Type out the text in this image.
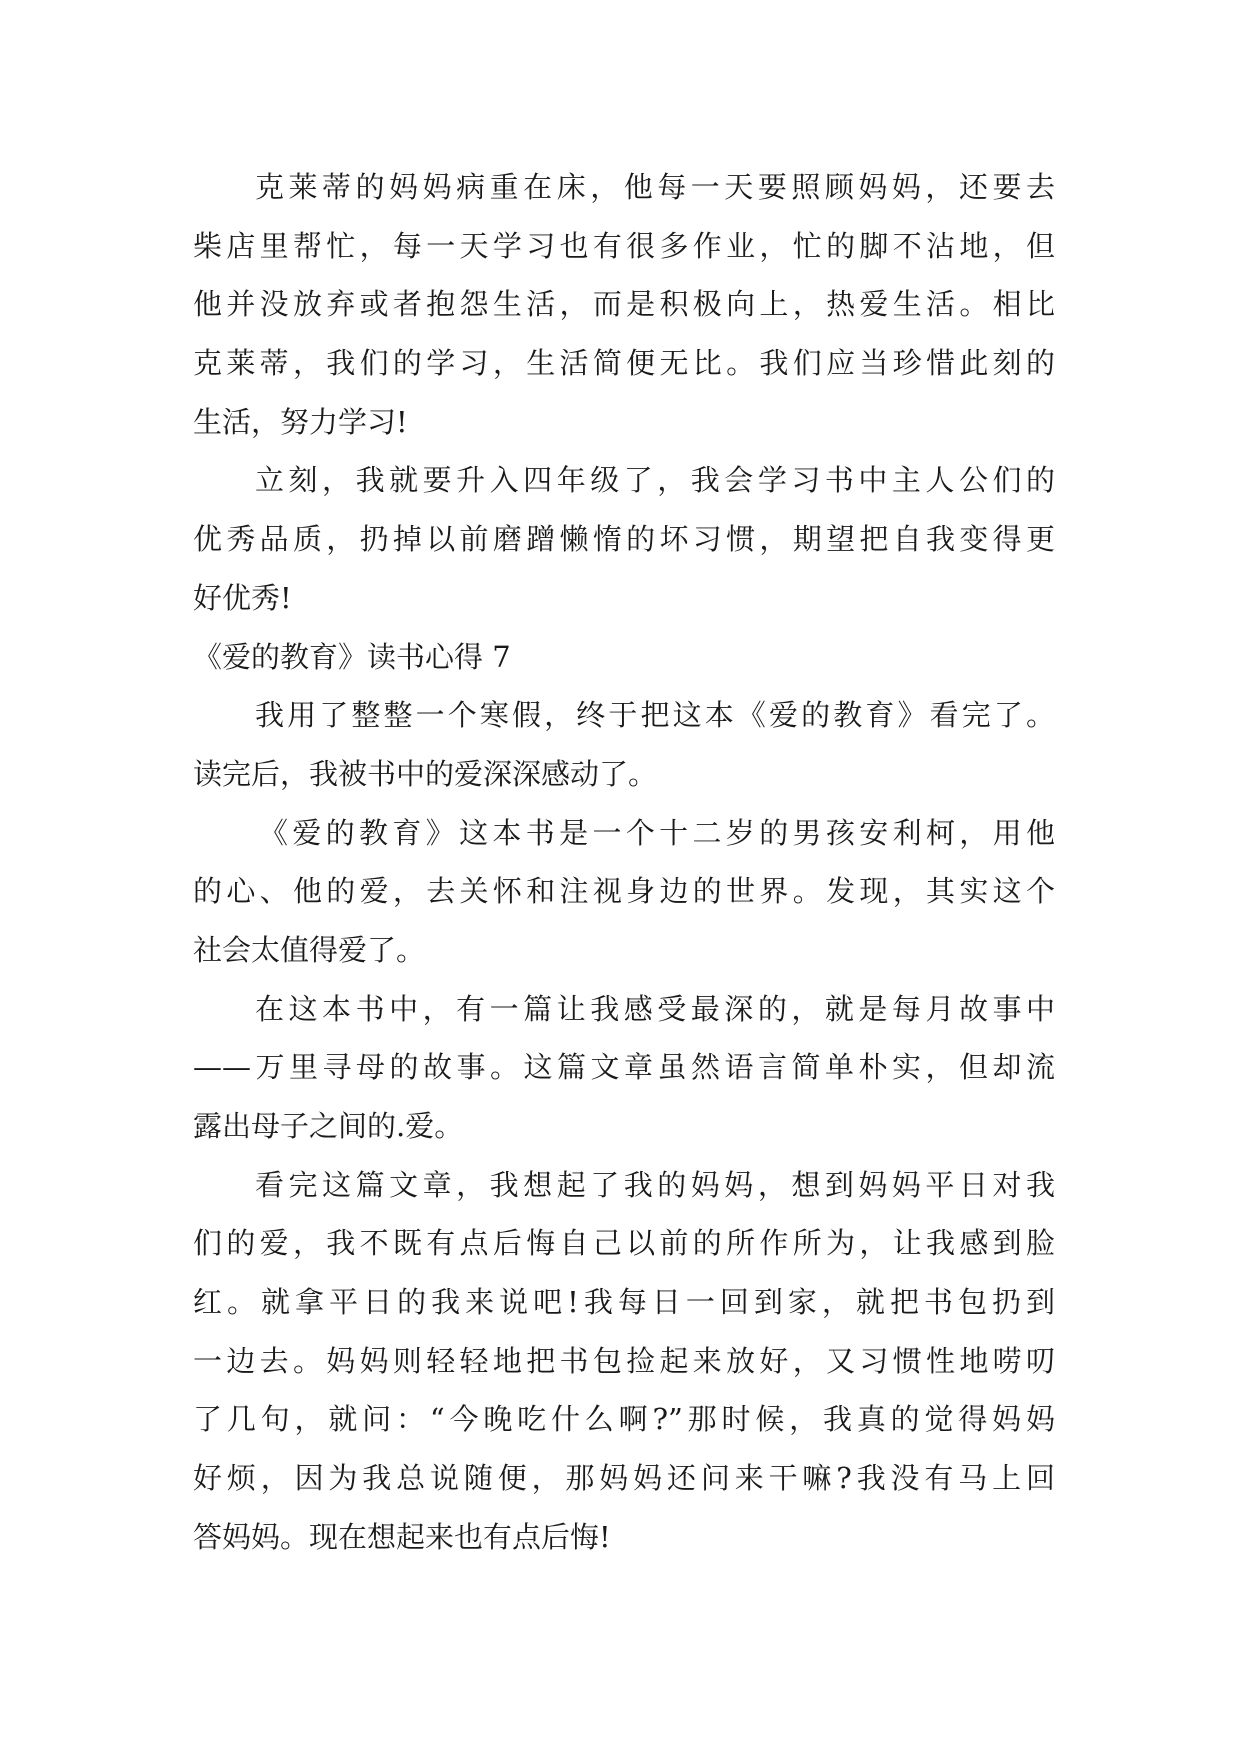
克莱蒂的妈妈病重在床，他每一天要照顾妈妈，还要去
柴店里帮忙，每一天学习也有很多作业，忙的脚不沾地，但
他并没放弃或者抱怨生活，而是积极向上，热爱生活。相比
克莱蒂，我们的学习，生活简便无比。我们应当珍惜此刻的
生活，努力学习!
立刻，我就要升入四年级了，我会学习书中主人公们的
优秀品质，扔掉以前磨蹭懒惰的坏习惯，期望把自我变得更
好优秀!
《爱的教育》读书心得 7
我用了整整一个寒假，终于把这本《爱的教育》看完了。
读完后，我被书中的爱深深感动了。
《爱的教育》这本书是一个十二岁的男孩安利柯，用他
的心、他的爱，去关怀和注视身边的世界。发现，其实这个
社会太值得爱了。
在这本书中，有一篇让我感受最深的，就是每月故事中
——万里寻母的故事。这篇文章虽然语言简单朴实，但却流
露出母子之间的.爱。
看完这篇文章，我想起了我的妈妈，想到妈妈平日对我
们的爱，我不既有点后悔自己以前的所作所为，让我感到脸
红。就拿平日的我来说吧!我每日一回到家，就把书包扔到
一边去。妈妈则轻轻地把书包捡起来放好，又习惯性地唠叨
了几句，就问：“今晚吃什么啊?”那时候，我真的觉得妈妈
好烦，因为我总说随便，那妈妈还问来干嘛?我没有马上回
答妈妈。现在想起来也有点后悔!
